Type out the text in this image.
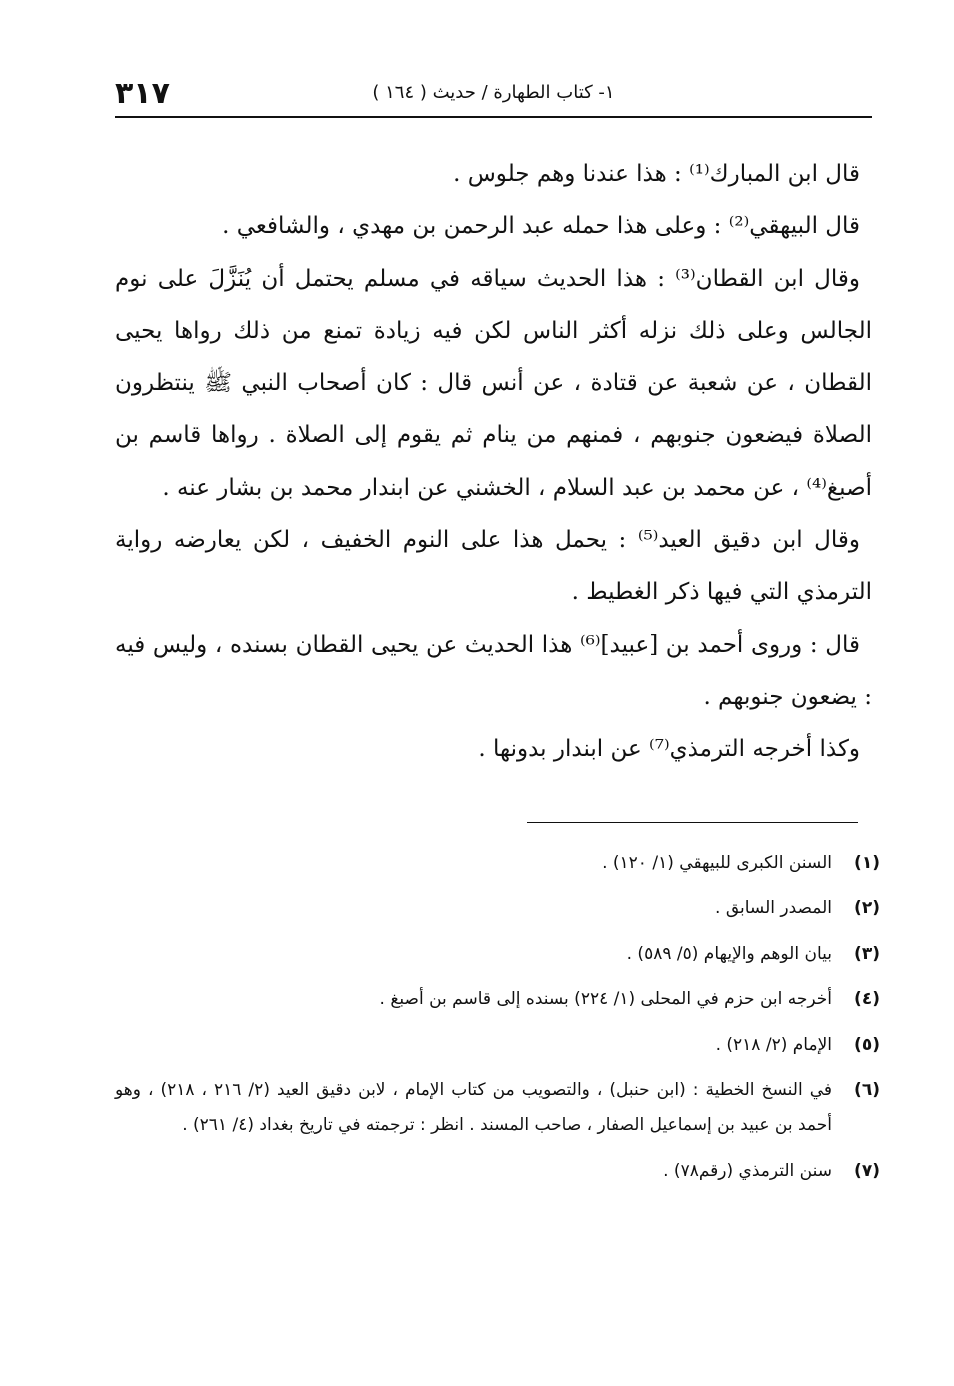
٣١٧	١- كتاب الطهارة / حديث ( ١٦٤ )

قال ابن المبارك⁽¹⁾ : هذا عندنا وهم جلوس .

قال البيهقي⁽²⁾ : وعلى هذا حمله عبد الرحمن بن مهدي ، والشافعي .

وقال ابن القطان⁽³⁾ : هذا الحديث سياقه في مسلم يحتمل أن يُنَزَّلَ على نوم الجالس وعلى ذلك نزله أكثر الناس لكن فيه زيادة تمنع من ذلك رواها يحيى القطان ، عن شعبة عن قتادة ، عن أنس قال : كان أصحاب النبي ﷺ ينتظرون الصلاة فيضعون جنوبهم ، فمنهم من ينام ثم يقوم إلى الصلاة . رواها قاسم بن أصبغ⁽⁴⁾ ، عن محمد بن عبد السلام ، الخشني عن ابندار محمد بن بشار عنه .

وقال ابن دقيق العيد⁽⁵⁾ : يحمل هذا على النوم الخفيف ، لكن يعارضه رواية الترمذي التي فيها ذكر الغطيط .

قال : وروى أحمد بن [عبيد]⁽⁶⁾ هذا الحديث عن يحيى القطان بسنده ، وليس فيه : يضعون جنوبهم .

وكذا أخرجه الترمذي⁽⁷⁾ عن ابندار بدونها .

(١)
السنن الكبرى للبيهقي (١/ ١٢٠) .
(٢)
المصدر السابق .
(٣)
بيان الوهم والإيهام (٥/ ٥٨٩) .
(٤)
أخرجه ابن حزم في المحلى (١/ ٢٢٤) بسنده إلى قاسم بن أصبغ .
(٥)
الإمام (٢/ ٢١٨) .
(٦)
في النسخ الخطية : (ابن حنبل) ، والتصويب من كتاب الإمام ، لابن دقيق العيد (٢/ ٢١٦ ، ٢١٨) ، وهو أحمد بن عبيد بن إسماعيل الصفار ، صاحب المسند . انظر : ترجمته في تاريخ بغداد (٤/ ٢٦١) .
(٧)
سنن الترمذي (رقم٧٨) .
